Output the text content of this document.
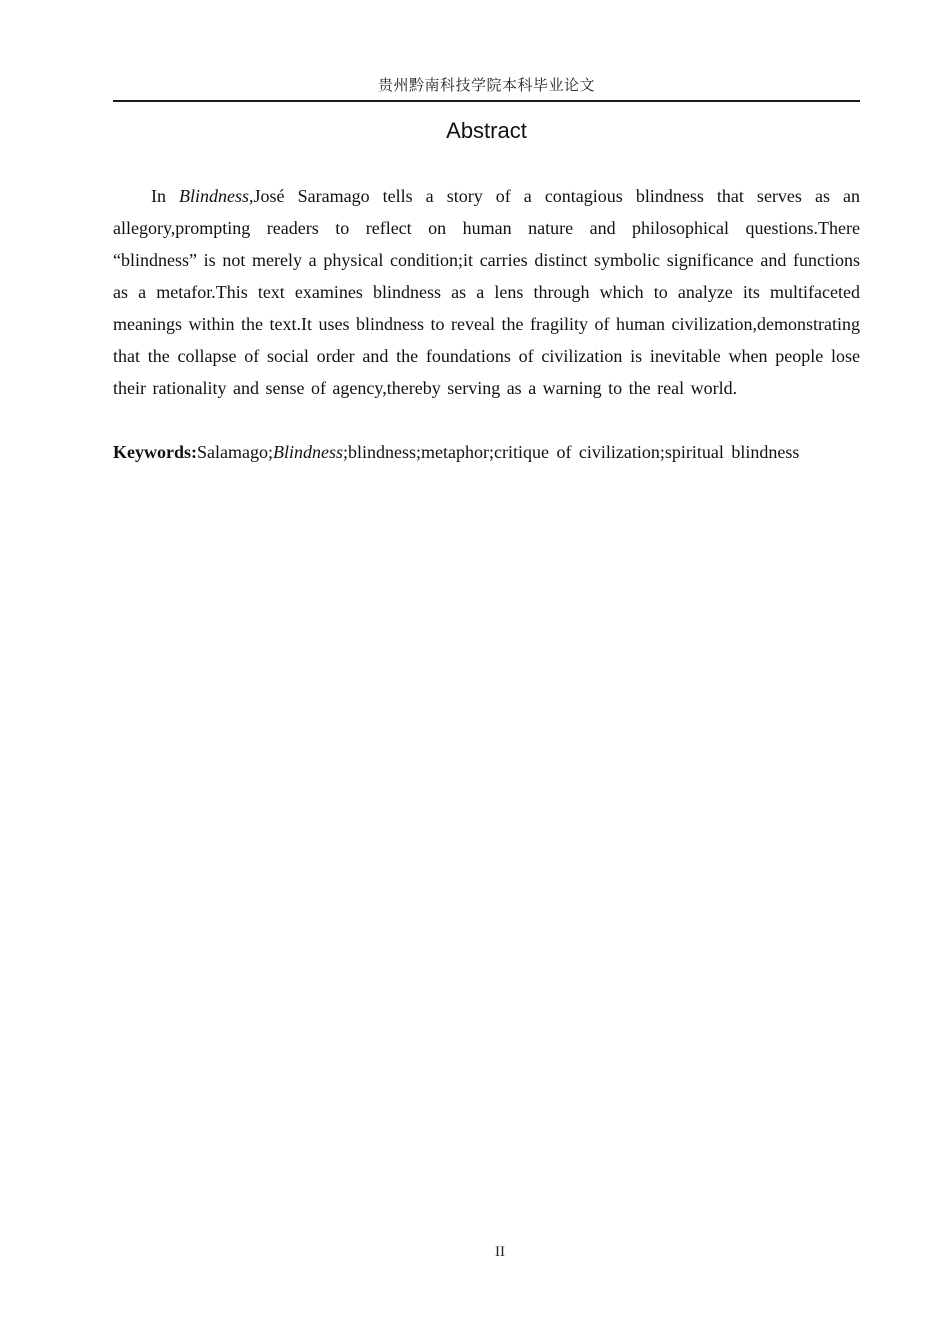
贵州黔南科技学院本科毕业论文
Abstract

In Blindness,José Saramago tells a story of a contagious blindness that serves as an allegory,prompting readers to reflect on human nature and philosophical questions.There “blindness” is not merely a physical condition;it carries distinct symbolic significance and functions as a metafor.This text examines blindness as a lens through which to analyze its multifaceted meanings within the text.It uses blindness to reveal the fragility of human civilization,demonstrating that the collapse of social order and the foundations of civilization is inevitable when people lose their rationality and sense of agency,thereby serving as a warning to the real world.

Keywords:Salamago;Blindness;blindness;metaphor;critique of civilization;spiritual blindness

II
